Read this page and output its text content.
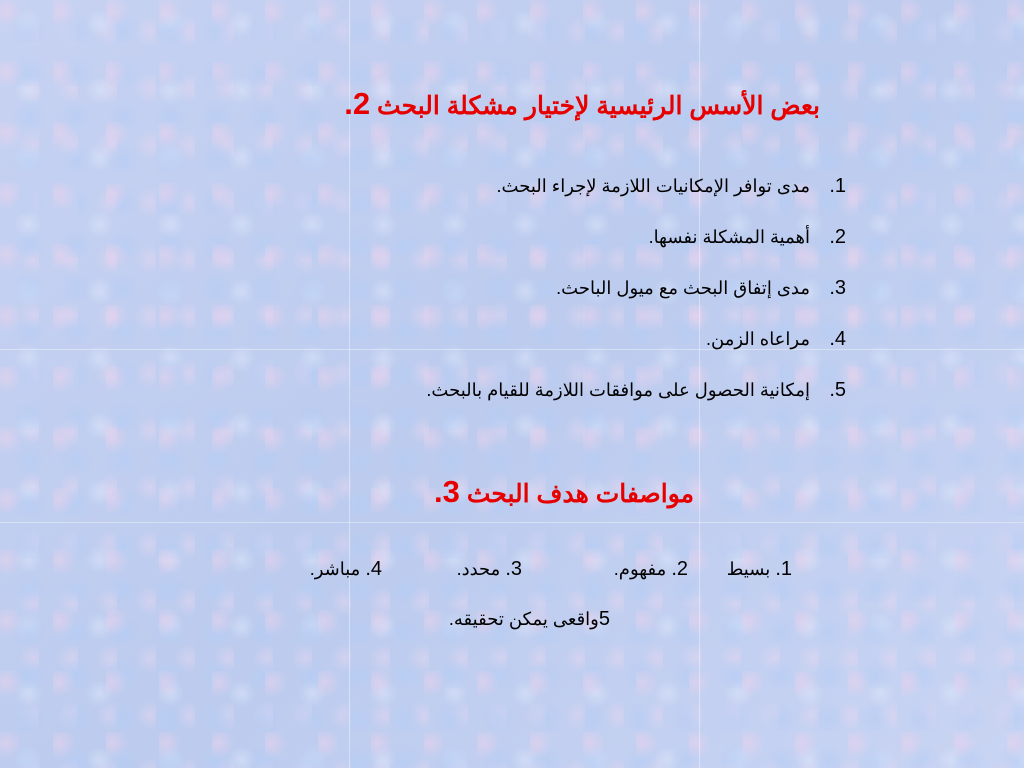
بعض الأسس الرئيسية لإختيار مشكلة البحث 2.
1.مدى توافر الإمكانيات اللازمة لإجراء البحث.
2.أهمية المشكلة نفسها.
3.مدى إتفاق البحث مع ميول الباحث.
4.مراعاه الزمن.
5.إمكانية الحصول على موافقات اللازمة للقيام بالبحث.
مواصفات هدف البحث 3.
1. بسيط
2. مفهوم.
3. محدد.
4. مباشر.
5واقعى يمكن تحقيقه.
